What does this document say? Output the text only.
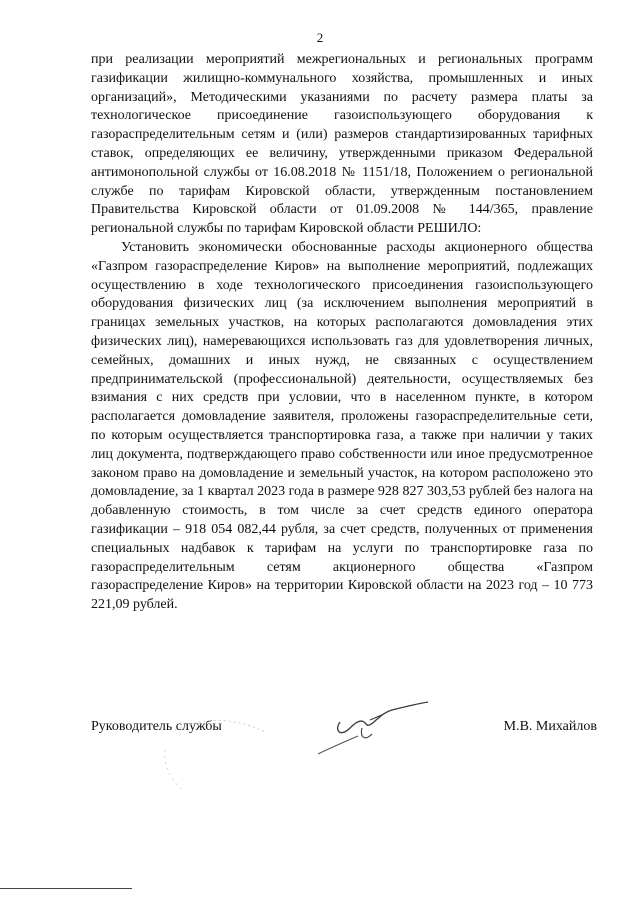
2

при реализации мероприятий межрегиональных и региональных программ газификации жилищно-коммунального хозяйства, промышленных и иных организаций», Методическими указаниями по расчету размера платы за технологическое присоединение газоиспользующего оборудования к газораспределительным сетям и (или) размеров стандартизированных тарифных ставок, определяющих ее величину, утвержденными приказом Федеральной антимонопольной службы от 16.08.2018 № 1151/18, Положением о региональной службе по тарифам Кировской области, утвержденным постановлением Правительства Кировской области от 01.09.2008 № 144/365, правление региональной службы по тарифам Кировской области РЕШИЛО:

Установить экономически обоснованные расходы акционерного общества «Газпром газораспределение Киров» на выполнение мероприятий, подлежащих осуществлению в ходе технологического присоединения газоиспользующего оборудования физических лиц (за исключением выполнения мероприятий в границах земельных участков, на которых располагаются домовладения этих физических лиц), намеревающихся использовать газ для удовлетворения личных, семейных, домашних и иных нужд, не связанных с осуществлением предпринимательской (профессиональной) деятельности, осуществляемых без взимания с них средств при условии, что в населенном пункте, в котором располагается домовладение заявителя, проложены газораспределительные сети, по которым осуществляется транспортировка газа, а также при наличии у таких лиц документа, подтверждающего право собственности или иное предусмотренное законом право на домовладение и земельный участок, на котором расположено это домовладение, за 1 квартал 2023 года в размере 928 827 303,53 рублей без налога на добавленную стоимость, в том числе за счет средств единого оператора газификации – 918 054 082,44 рубля, за счет средств, полученных от применения специальных надбавок к тарифам на услуги по транспортировке газа по газораспределительным сетям акционерного общества «Газпром газораспределение Киров» на территории Кировской области на 2023 год – 10 773 221,09 рублей.

Руководитель службы	М.В. Михайлов
